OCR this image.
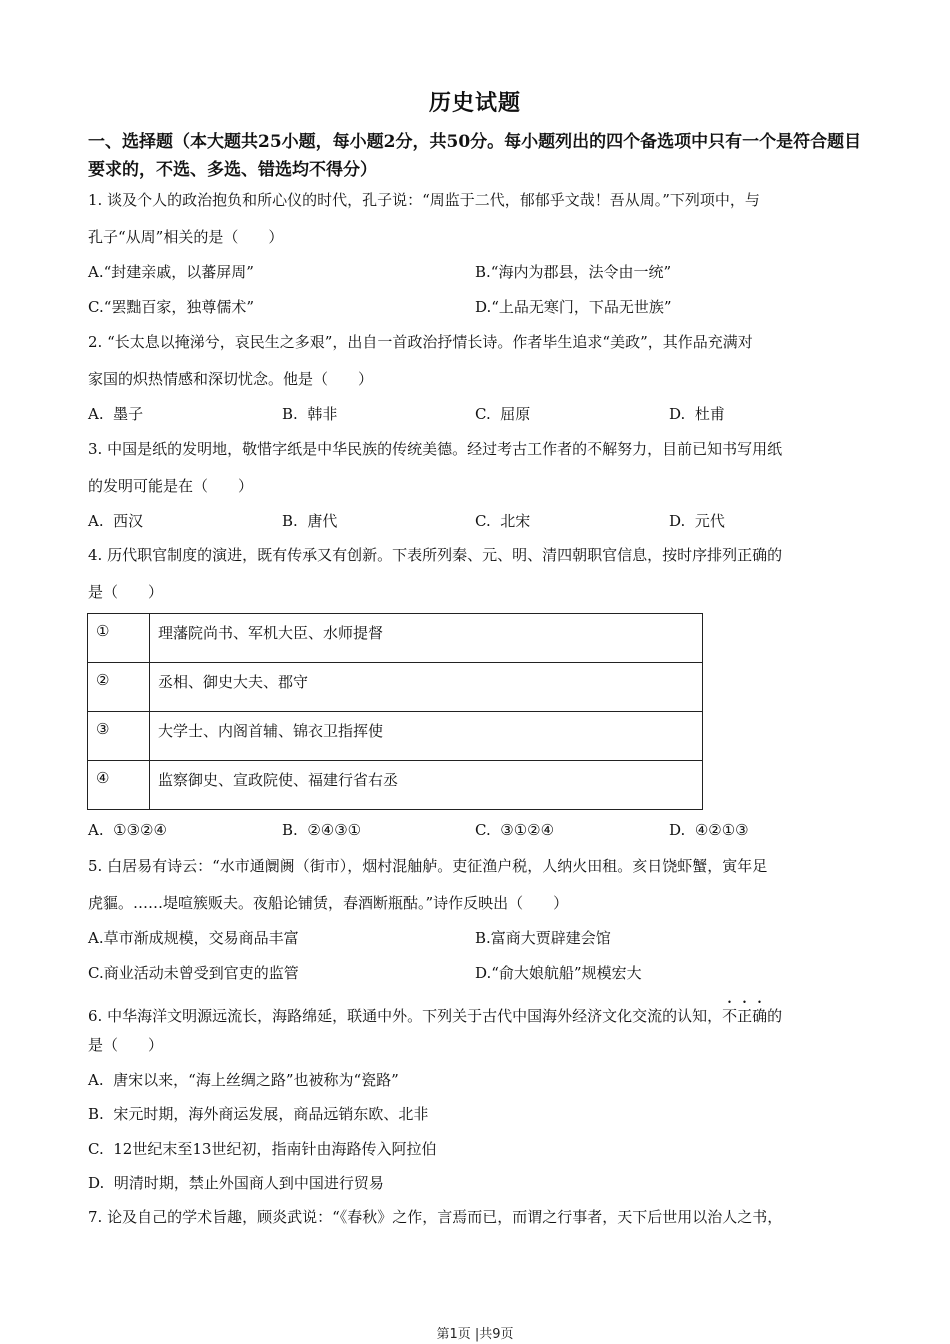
历史试题
一、选择题（本大题共25小题，每小题2分，共50分。每小题列出的四个备选项中只有一个是符合题目要求的，不选、多选、错选均不得分）
1. 谈及个人的政治抱负和所心仪的时代，孔子说：“周监于二代，郁郁乎文哉！吾从周。”下列项中，与
孔子“从周”相关的是（　　）
A.“封建亲戚，以蕃屏周”	B.“海内为郡县，法令由一统”
C.“罢黜百家，独尊儒术”	D.“上品无寒门，下品无世族”
2. “长太息以掩涕兮，哀民生之多艰”，出自一首政治抒情长诗。作者毕生追求“美政”，其作品充满对
家国的炽热情感和深切忧念。他是（　　）
A. 墨子	B. 韩非	C. 屈原	D. 杜甫
3. 中国是纸的发明地，敬惜字纸是中华民族的传统美德。经过考古工作者的不解努力，目前已知书写用纸
的发明可能是在（　　）
A. 西汉	B. 唐代	C. 北宋	D. 元代
4. 历代职官制度的演进，既有传承又有创新。下表所列秦、元、明、清四朝职官信息，按时序排列正确的
是（　　）
①	理藩院尚书、军机大臣、水师提督
②	丞相、御史大夫、郡守
③	大学士、内阁首辅、锦衣卫指挥使
④	监察御史、宣政院使、福建行省右丞
A. ①③②④	B. ②④③①	C. ③①②④	D. ④②①③
5. 白居易有诗云：“水市通阛阓（街市），烟村混舳舻。吏征渔户税，人纳火田租。亥日饶虾蟹，寅年足
虎貙。……堤喧簇贩夫。夜船论铺赁，春酒断瓶酤。”诗作反映出（　　）
A.草市渐成规模，交易商品丰富	B.富商大贾辟建会馆
C.商业活动未曾受到官吏的监管	D.“俞大娘航船”规模宏大
6. 中华海洋文明源远流长，海路绵延，联通中外。下列关于古代中国海外经济文化交流的认知，不正确的
是（　　）
A. 唐宋以来，“海上丝绸之路”也被称为“瓷路”
B. 宋元时期，海外商运发展，商品远销东欧、北非
C. 12世纪末至13世纪初，指南针由海路传入阿拉伯
D. 明清时期，禁止外国商人到中国进行贸易
7. 论及自己的学术旨趣，顾炎武说：“《春秋》之作，言焉而已，而谓之行事者，天下后世用以治人之书，
第1页 |共9页
